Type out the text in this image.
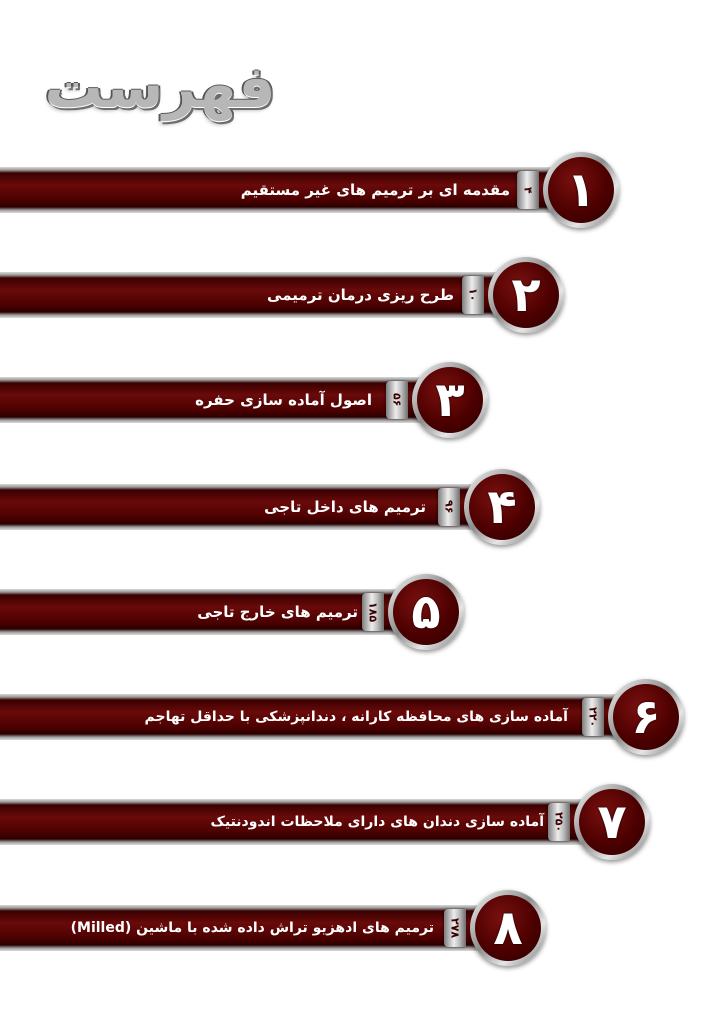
فهرست
مقدمه ای بر ترمیم های غیر مستقیم	۴ ۱
طرح ریزی درمان ترمیمی	۱۰ ۲
اصول آماده سازی حفره	۵۶ ۳
ترمیم های داخل تاجی	۹۶ ۴
ترمیم های خارج تاجی ۱۸۵ ۵
آماده سازی های محافظه کارانه ، دندانپزشکی با حداقل تهاجم	۲۲۰ ۶
آماده سازی دندان های دارای ملاحظات اندودنتیک ۲۵۰ ۷
ترمیم های ادهزیو تراش داده شده با ماشین (Milled)	۲۷۸ ۸
